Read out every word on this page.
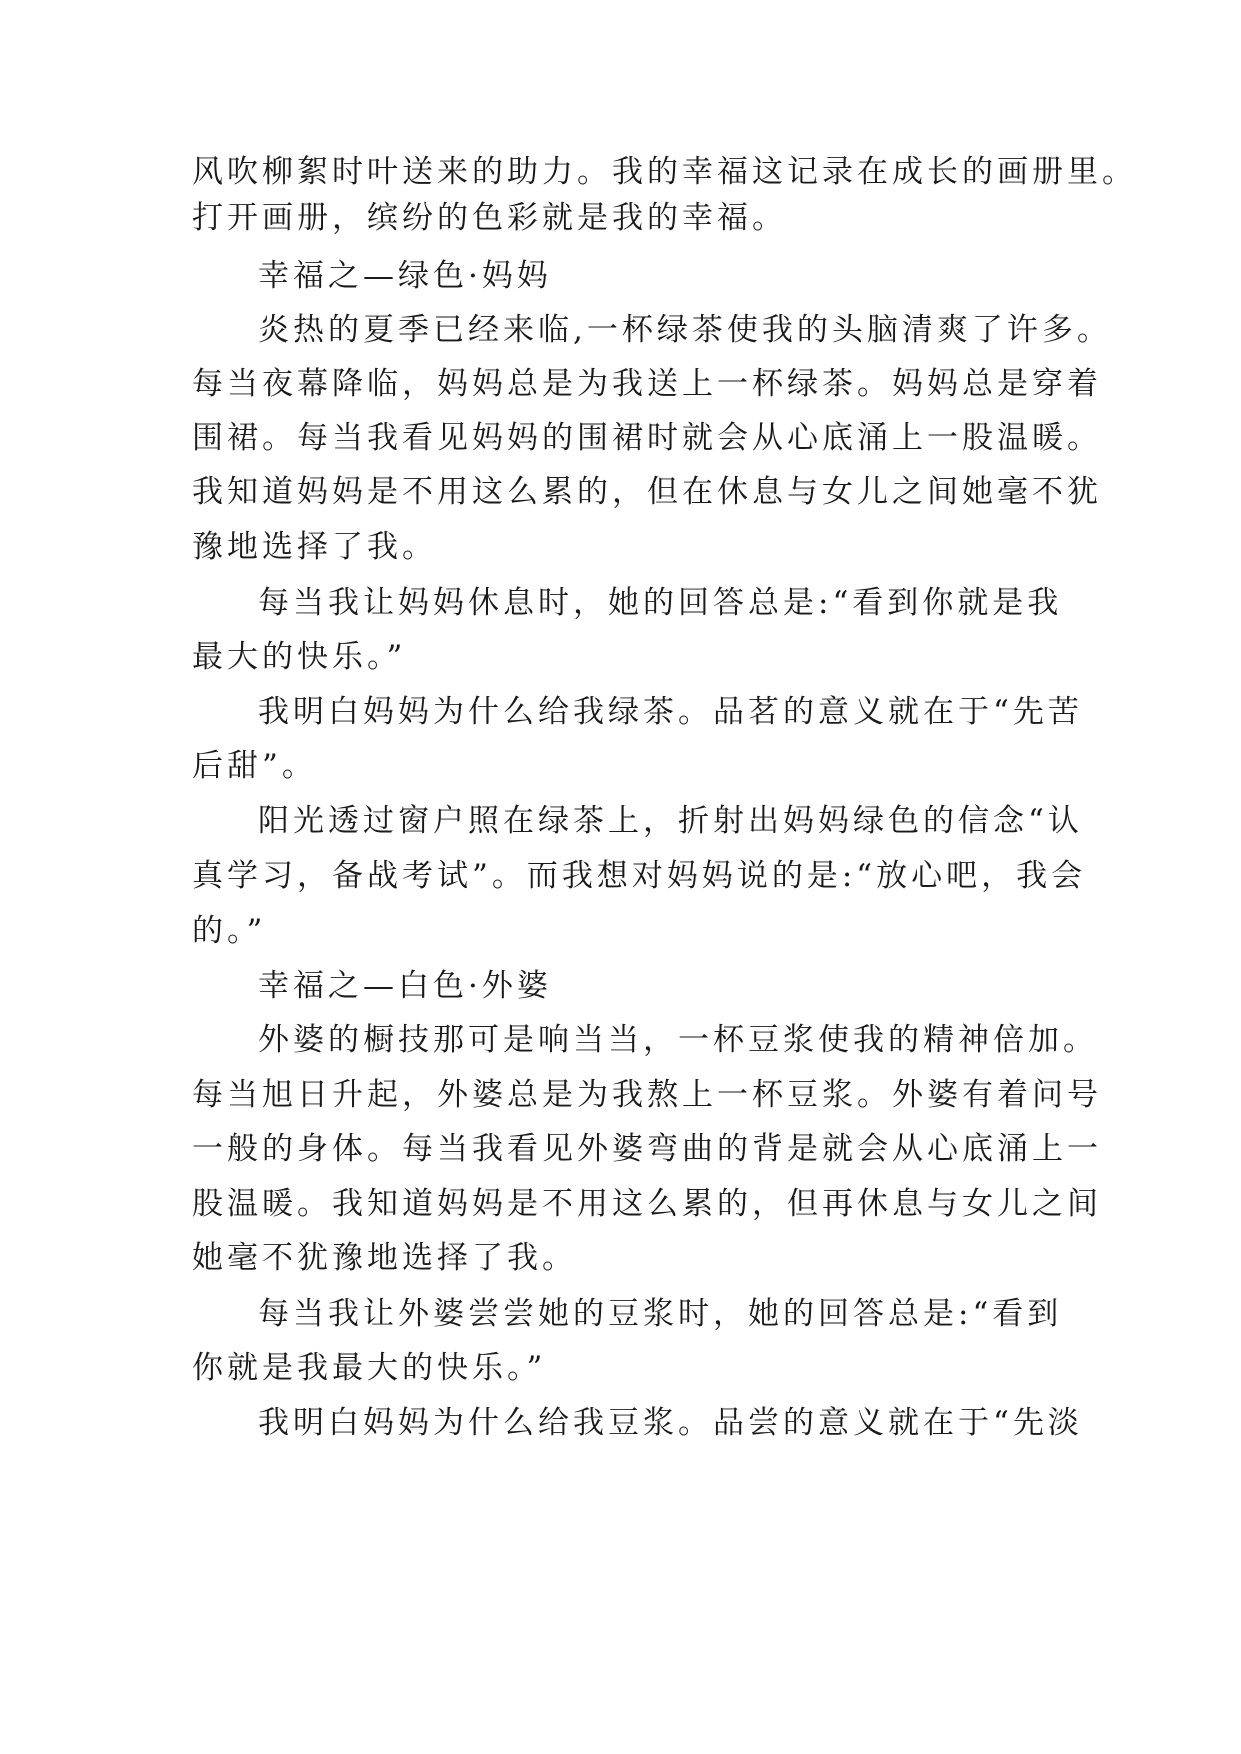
风吹柳絮时叶送来的助力。我的幸福这记录在成长的画册里。
打开画册，缤纷的色彩就是我的幸福。
幸福之—绿色·妈妈
炎热的夏季已经来临,一杯绿茶使我的头脑清爽了许多。
每当夜幕降临，妈妈总是为我送上一杯绿茶。妈妈总是穿着
围裙。每当我看见妈妈的围裙时就会从心底涌上一股温暖。
我知道妈妈是不用这么累的，但在休息与女儿之间她毫不犹
豫地选择了我。
每当我让妈妈休息时，她的回答总是:“看到你就是我
最大的快乐。”
我明白妈妈为什么给我绿茶。品茗的意义就在于“先苦
后甜”。
阳光透过窗户照在绿茶上，折射出妈妈绿色的信念“认
真学习，备战考试”。而我想对妈妈说的是:“放心吧，我会
的。”
幸福之—白色·外婆
外婆的橱技那可是响当当，一杯豆浆使我的精神倍加。
每当旭日升起，外婆总是为我熬上一杯豆浆。外婆有着问号
一般的身体。每当我看见外婆弯曲的背是就会从心底涌上一
股温暖。我知道妈妈是不用这么累的，但再休息与女儿之间
她毫不犹豫地选择了我。
每当我让外婆尝尝她的豆浆时，她的回答总是:“看到
你就是我最大的快乐。”
我明白妈妈为什么给我豆浆。品尝的意义就在于“先淡
